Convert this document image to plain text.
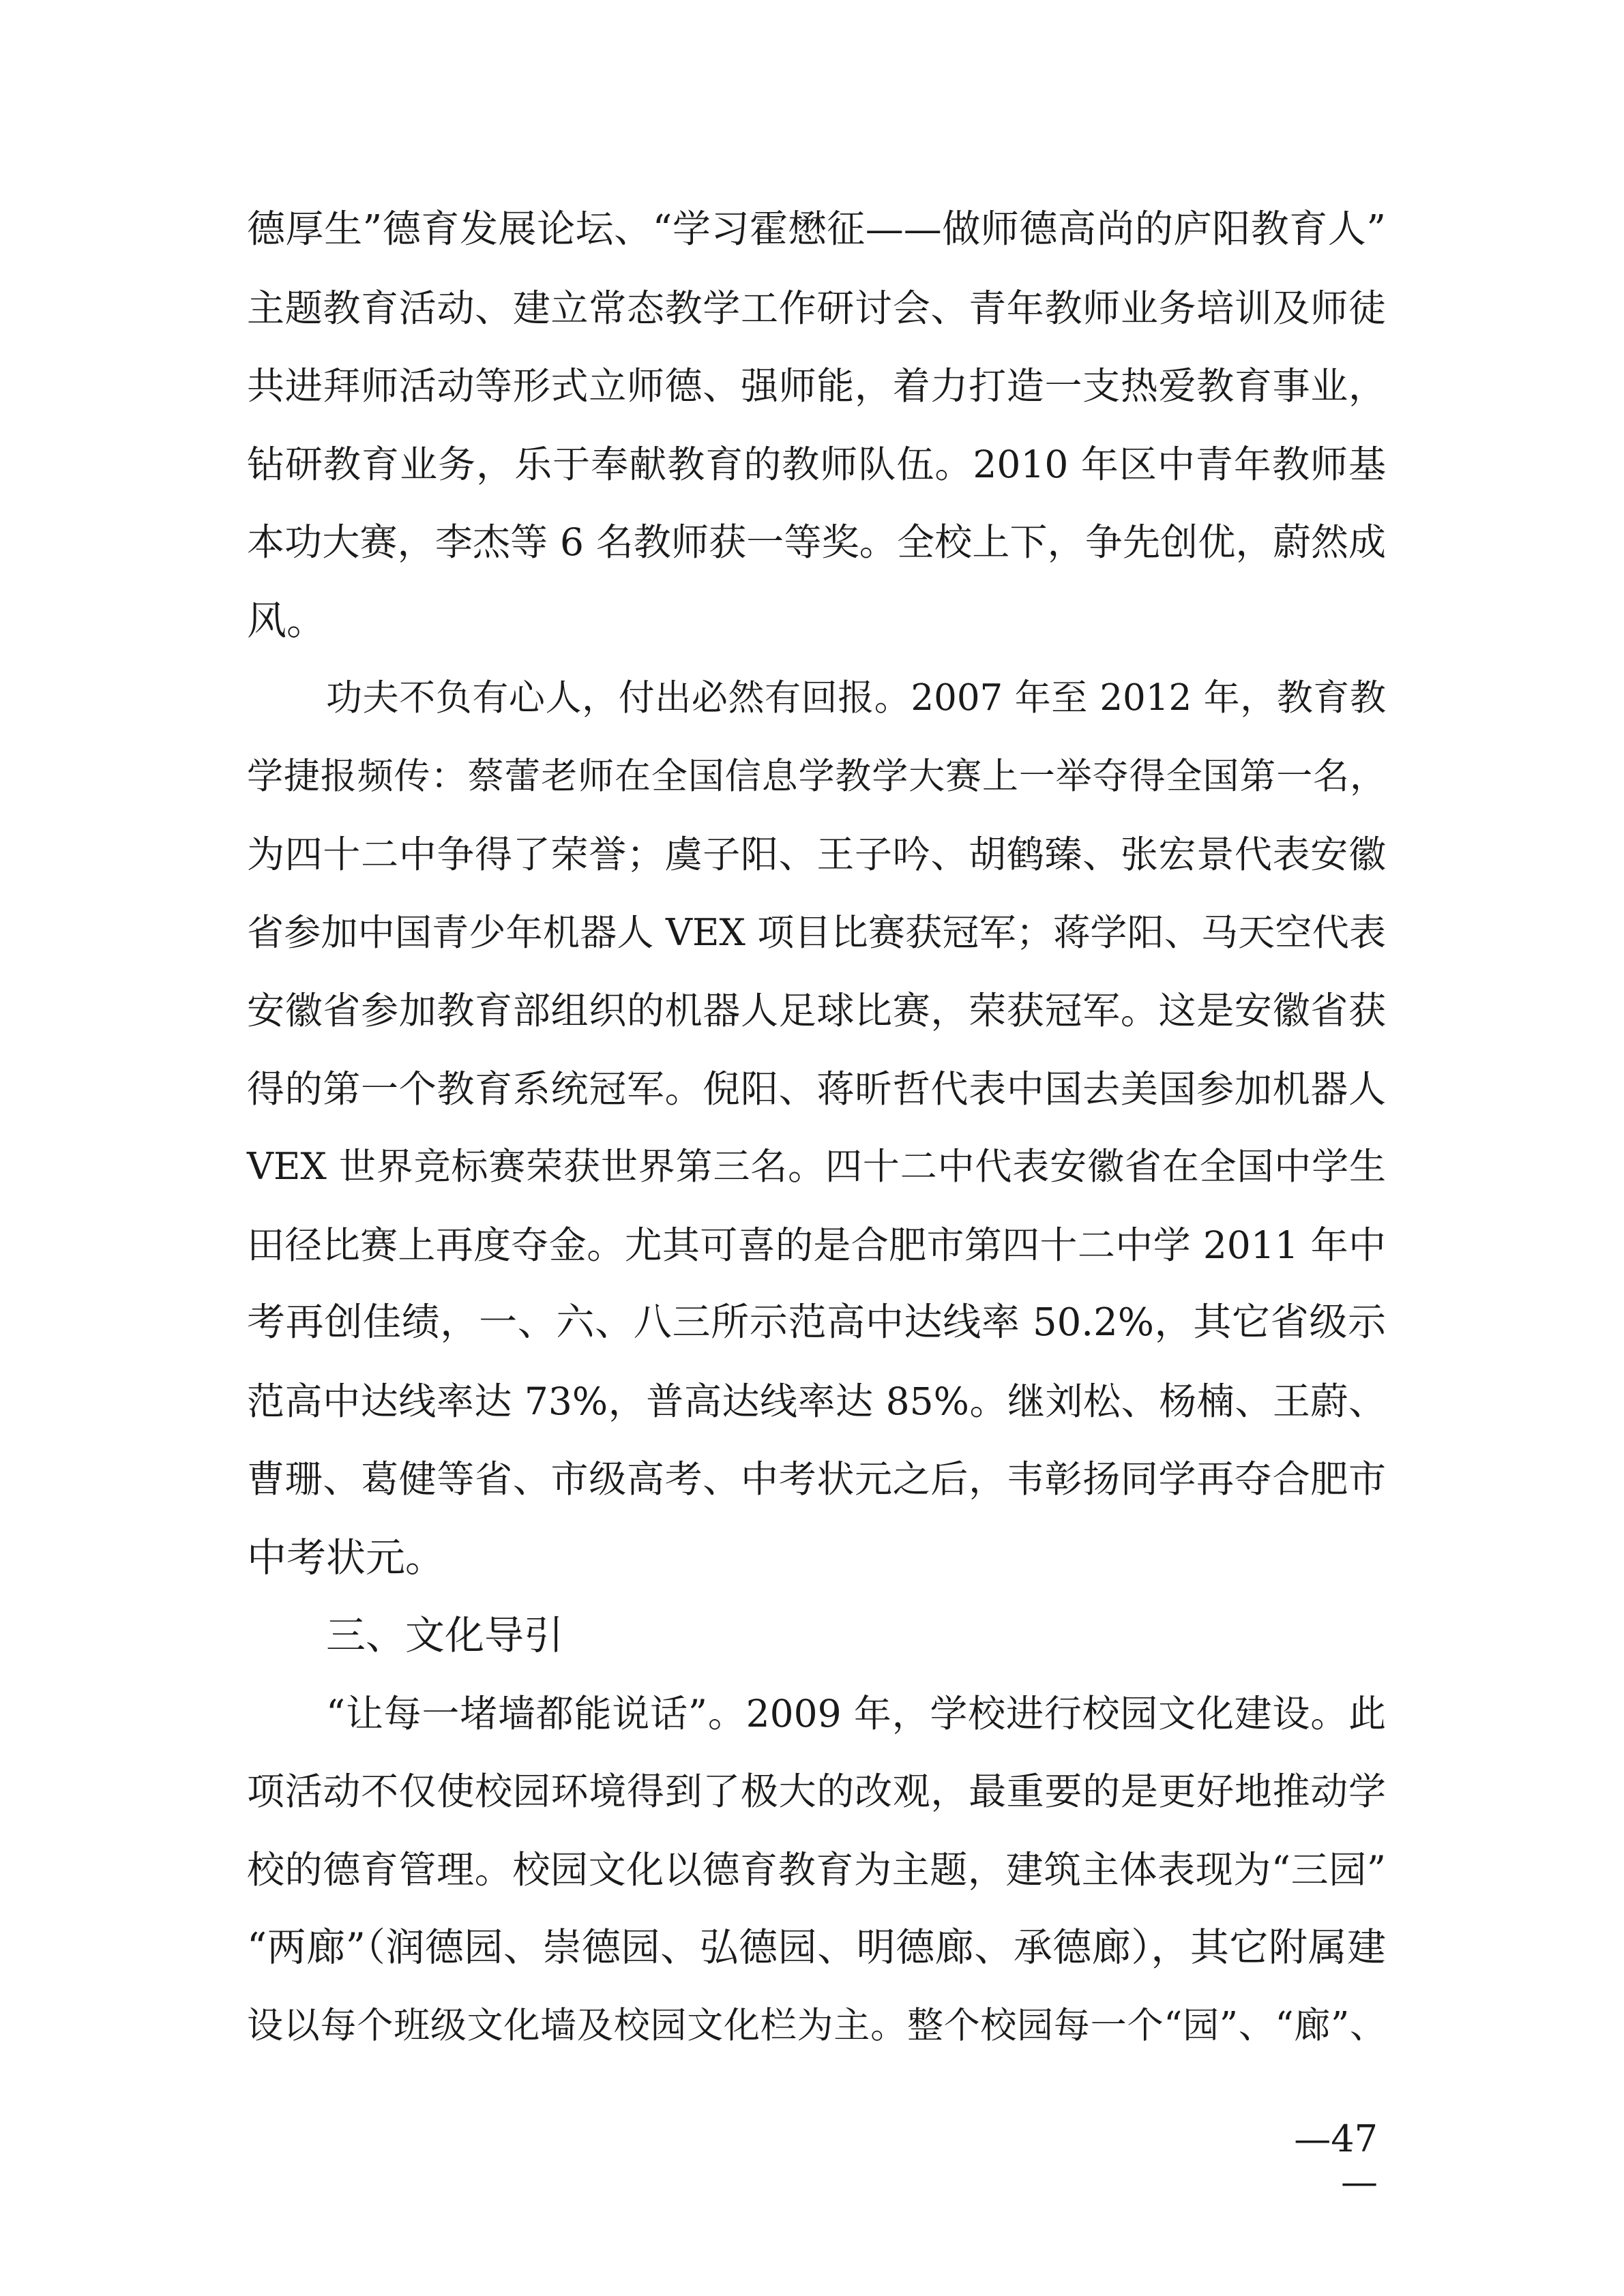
德厚生”德育发展论坛、“学习霍懋征——做师德高尚的庐阳教育人”
主题教育活动、建立常态教学工作研讨会、青年教师业务培训及师徒
共进拜师活动等形式立师德、强师能，着力打造一支热爱教育事业，
钻研教育业务，乐于奉献教育的教师队伍。2010 年区中青年教师基
本功大赛，李杰等 6 名教师获一等奖。全校上下，争先创优，蔚然成
风。
功夫不负有心人，付出必然有回报。2007 年至 2012 年，教育教
学捷报频传：蔡蕾老师在全国信息学教学大赛上一举夺得全国第一名，
为四十二中争得了荣誉；虞子阳、王子吟、胡鹤臻、张宏景代表安徽
省参加中国青少年机器人 VEX 项目比赛获冠军；蒋学阳、马天空代表
安徽省参加教育部组织的机器人足球比赛，荣获冠军。这是安徽省获
得的第一个教育系统冠军。倪阳、蒋昕哲代表中国去美国参加机器人
VEX 世界竞标赛荣获世界第三名。四十二中代表安徽省在全国中学生
田径比赛上再度夺金。尤其可喜的是合肥市第四十二中学 2011 年中
考再创佳绩，一、六、八三所示范高中达线率 50.2%，其它省级示
范高中达线率达 73%，普高达线率达 85%。继刘松、杨楠、王蔚、
曹珊、葛健等省、市级高考、中考状元之后，韦彰扬同学再夺合肥市
中考状元。
三、文化导引
“让每一堵墙都能说话”。2009 年，学校进行校园文化建设。此
项活动不仅使校园环境得到了极大的改观，最重要的是更好地推动学
校的德育管理。校园文化以德育教育为主题，建筑主体表现为“三园”
“两廊”（润德园、崇德园、弘德园、明德廊、承德廊），其它附属建
设以每个班级文化墙及校园文化栏为主。整个校园每一个“园”、“廊”、
—47—
